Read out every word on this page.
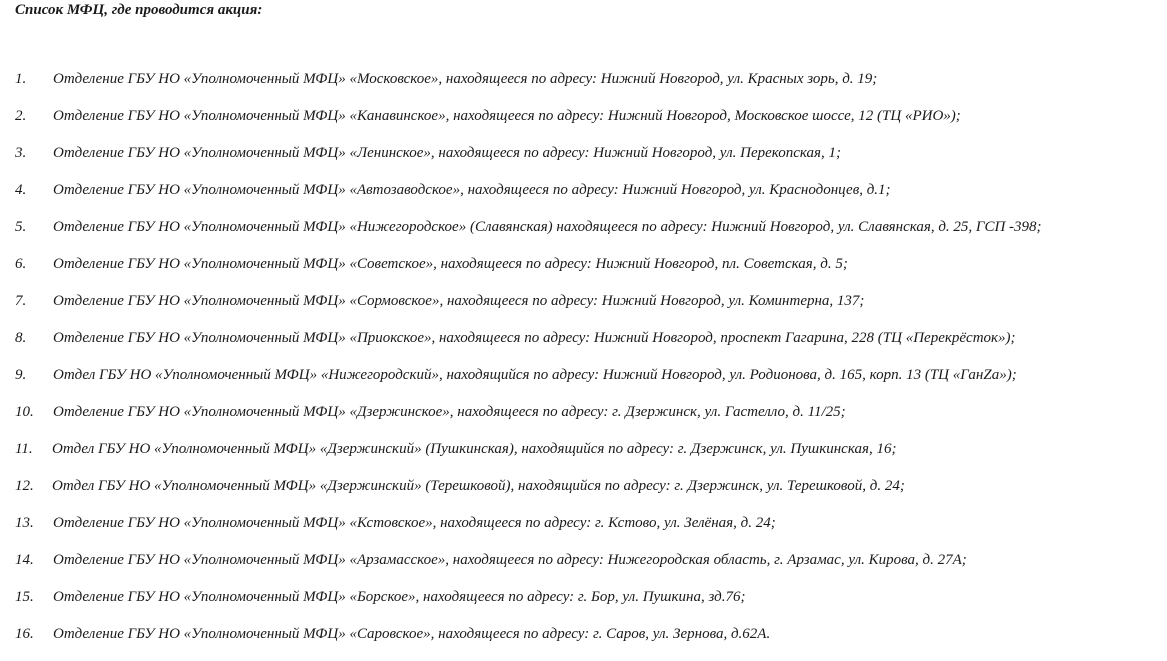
Список МФЦ, где проводится акция:
1. Отделение ГБУ НО «Уполномоченный МФЦ» «Московское», находящееся по адресу: Нижний Новгород, ул. Красных зорь, д. 19;
2. Отделение ГБУ НО «Уполномоченный МФЦ» «Канавинское», находящееся по адресу: Нижний Новгород, Московское шоссе, 12 (ТЦ «РИО»);
3. Отделение ГБУ НО «Уполномоченный МФЦ» «Ленинское», находящееся по адресу: Нижний Новгород, ул. Перекопская, 1;
4. Отделение ГБУ НО «Уполномоченный МФЦ» «Автозаводское», находящееся по адресу: Нижний Новгород, ул. Краснодонцев, д.1;
5. Отделение ГБУ НО «Уполномоченный МФЦ» «Нижегородское» (Славянская) находящееся по адресу: Нижний Новгород, ул. Славянская, д. 25, ГСП -398;
6. Отделение ГБУ НО «Уполномоченный МФЦ» «Советское», находящееся по адресу: Нижний Новгород, пл. Советская, д. 5;
7. Отделение ГБУ НО «Уполномоченный МФЦ» «Сормовское», находящееся по адресу: Нижний Новгород, ул. Коминтерна, 137;
8. Отделение ГБУ НО «Уполномоченный МФЦ» «Приокское», находящееся по адресу: Нижний Новгород, проспект Гагарина, 228 (ТЦ «Перекрёсток»);
9. Отдел ГБУ НО «Уполномоченный МФЦ» «Нижегородский», находящийся по адресу: Нижний Новгород, ул. Родионова, д. 165, корп. 13 (ТЦ «ГанZа»);
10. Отделение ГБУ НО «Уполномоченный МФЦ» «Дзержинское», находящееся по адресу: г. Дзержинск, ул. Гастелло, д. 11/25;
11. Отдел ГБУ НО «Уполномоченный МФЦ» «Дзержинский» (Пушкинская), находящийся по адресу: г. Дзержинск, ул. Пушкинская, 16;
12. Отдел ГБУ НО «Уполномоченный МФЦ» «Дзержинский» (Терешковой), находящийся по адресу: г. Дзержинск, ул. Терешковой, д. 24;
13. Отделение ГБУ НО «Уполномоченный МФЦ» «Кстовское», находящееся по адресу: г. Кстово, ул. Зелёная, д. 24;
14. Отделение ГБУ НО «Уполномоченный МФЦ» «Арзамасское», находящееся по адресу: Нижегородская область, г. Арзамас, ул. Кирова, д. 27А;
15. Отделение ГБУ НО «Уполномоченный МФЦ» «Борское», находящееся по адресу: г. Бор, ул. Пушкина, зд.76;
16. Отделение ГБУ НО «Уполномоченный МФЦ» «Саровское», находящееся по адресу: г. Саров, ул. Зернова, д.62А.
